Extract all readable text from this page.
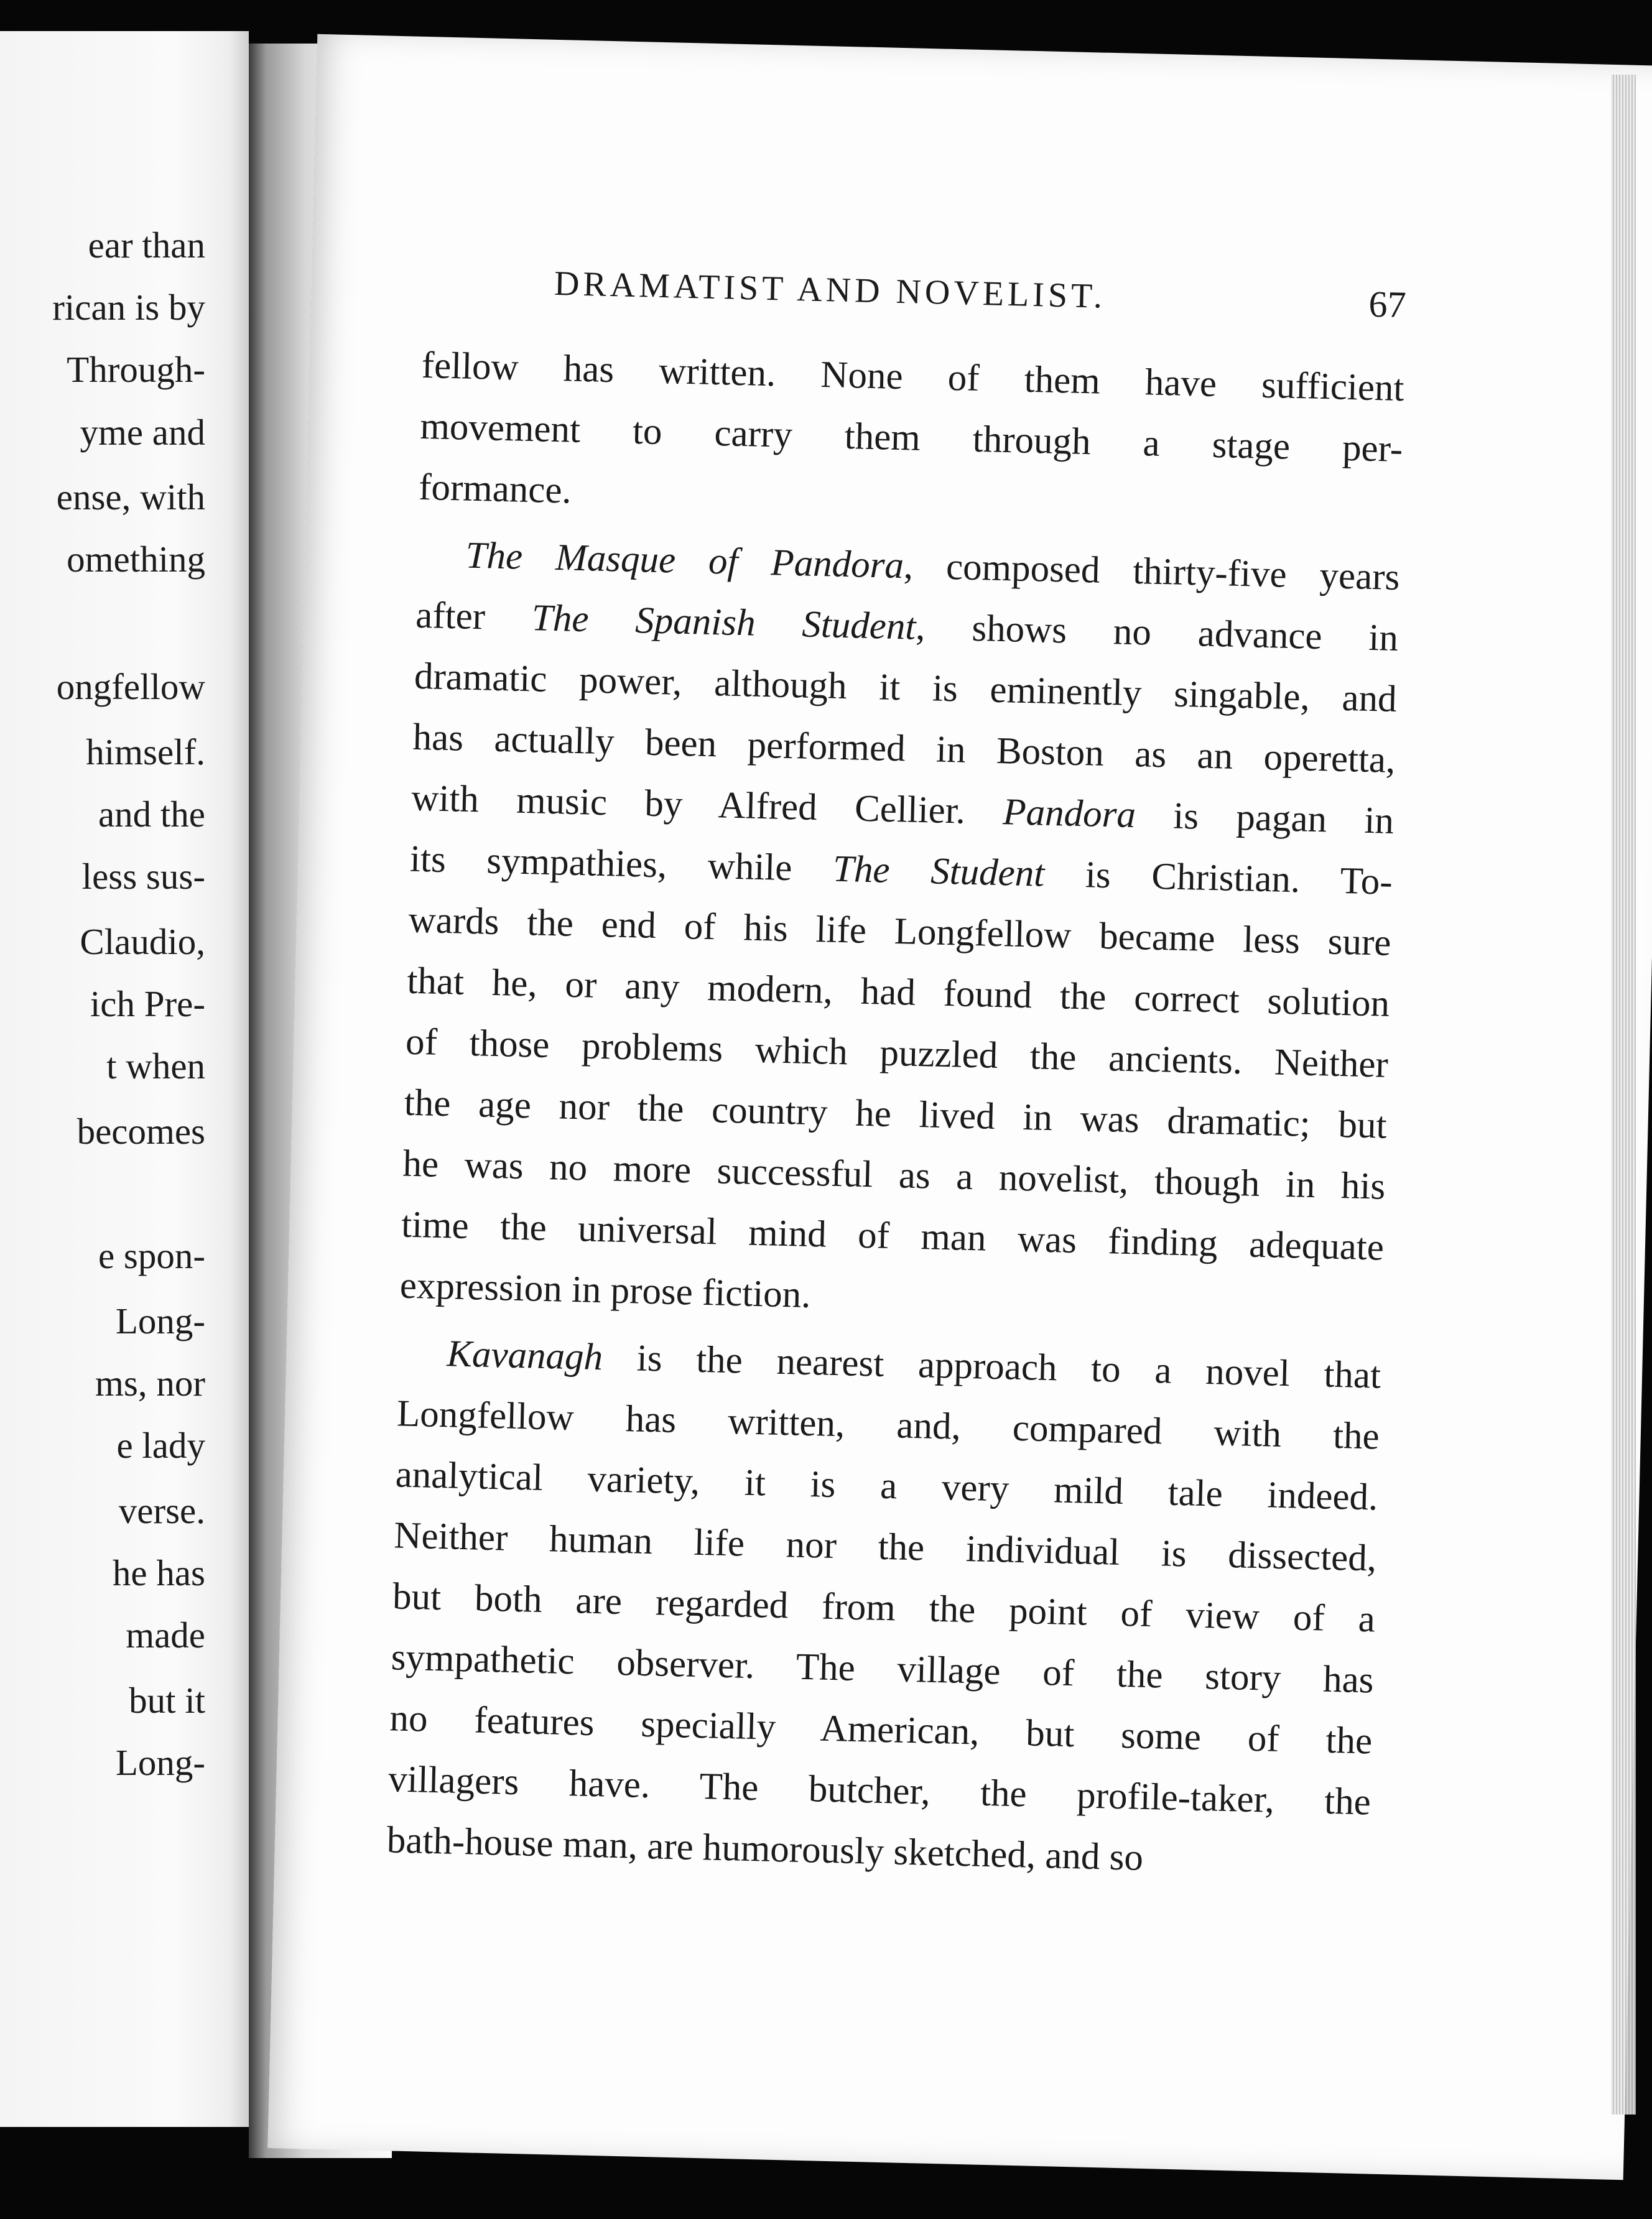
ear than
rican is by
Through-
yme and
ense, with
omething
ongfellow
himself.
and the
less sus-
Claudio,
ich Pre-
t when
becomes
e spon-
Long-
ms, nor
e lady
verse.
he has
made
but it
Long-
DRAMATIST AND NOVELIST.	67
fellow has written. None of them have sufficient
movement to carry them through a stage per-
formance.
The Masque of Pandora, composed thirty-five years
after The Spanish Student, shows no advance in
dramatic power, although it is eminently singable, and
has actually been performed in Boston as an operetta,
with music by Alfred Cellier. Pandora is pagan in
its sympathies, while The Student is Christian. To-
wards the end of his life Longfellow became less sure
that he, or any modern, had found the correct solution
of those problems which puzzled the ancients. Neither
the age nor the country he lived in was dramatic; but
he was no more successful as a novelist, though in his
time the universal mind of man was finding adequate
expression in prose fiction.
Kavanagh is the nearest approach to a novel that
Longfellow has written, and, compared with the
analytical variety, it is a very mild tale indeed.
Neither human life nor the individual is dissected,
but both are regarded from the point of view of a
sympathetic observer. The village of the story has
no features specially American, but some of the
villagers have. The butcher, the profile-taker, the
bath-house man, are humorously sketched, and so
